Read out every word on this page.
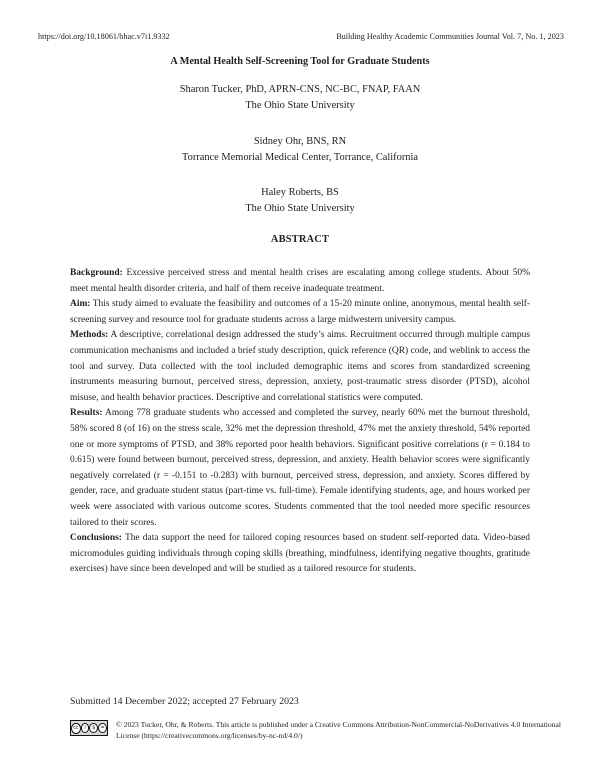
https://doi.org/10.18061/bhac.v7i1.9332	Building Healthy Academic Communities Journal Vol. 7, No. 1, 2023
A Mental Health Self-Screening Tool for Graduate Students
Sharon Tucker, PhD, APRN-CNS, NC-BC, FNAP, FAAN
The Ohio State University
Sidney Ohr, BNS, RN
Torrance Memorial Medical Center, Torrance, California
Haley Roberts, BS
The Ohio State University
ABSTRACT

Background: Excessive perceived stress and mental health crises are escalating among college students. About 50% meet mental health disorder criteria, and half of them receive inadequate treatment.

Aim: This study aimed to evaluate the feasibility and outcomes of a 15-20 minute online, anonymous, mental health self-screening survey and resource tool for graduate students across a large midwestern university campus.

Methods: A descriptive, correlational design addressed the study’s aims. Recruitment occurred through multiple campus communication mechanisms and included a brief study description, quick reference (QR) code, and weblink to access the tool and survey. Data collected with the tool included demographic items and scores from standardized screening instruments measuring burnout, perceived stress, depression, anxiety, post-traumatic stress disorder (PTSD), alcohol misuse, and health behavior practices. Descriptive and correlational statistics were computed.

Results: Among 778 graduate students who accessed and completed the survey, nearly 60% met the burnout threshold, 58% scored 8 (of 16) on the stress scale, 32% met the depression threshold, 47% met the anxiety threshold, 54% reported one or more symptoms of PTSD, and 38% reported poor health behaviors. Significant positive correlations (r = 0.184 to 0.615) were found between burnout, perceived stress, depression, and anxiety. Health behavior scores were significantly negatively correlated (r = -0.151 to -0.283) with burnout, perceived stress, depression, and anxiety. Scores differed by gender, race, and graduate student status (part-time vs. full-time). Female identifying students, age, and hours worked per week were associated with various outcome scores. Students commented that the tool needed more specific resources tailored to their scores.

Conclusions: The data support the need for tailored coping resources based on student self-reported data. Video-based micromodules guiding individuals through coping skills (breathing, mindfulness, identifying negative thoughts, gratitude exercises) have since been developed and will be studied as a tailored resource for students.

Submitted 14 December 2022; accepted 27 February 2023
cc	i	$	=	© 2023 Tucker, Ohr, & Roberts. This article is published under a Creative Commons Attribution-NonCommercial-NoDerivatives 4.0 International License (https://creativecommons.org/licenses/by-nc-nd/4.0/)
